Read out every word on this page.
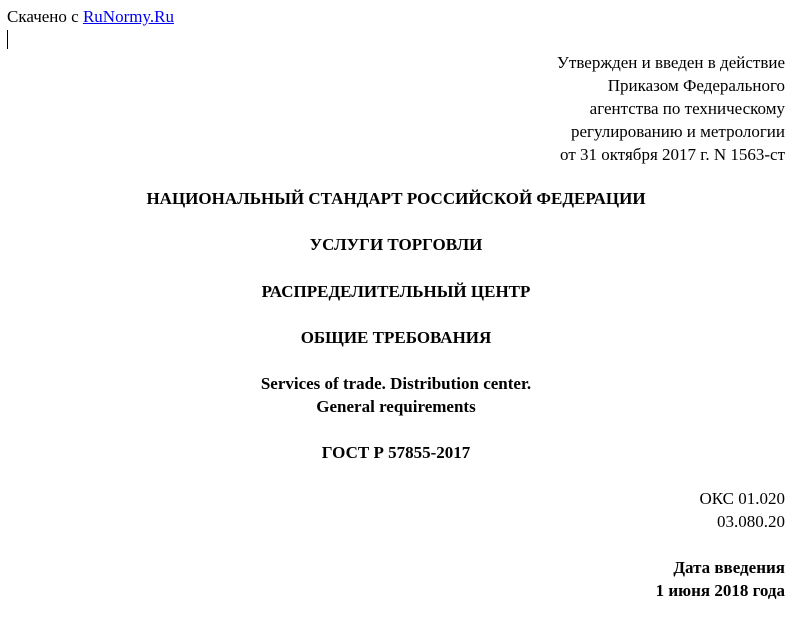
Скачено с RuNormy.Ru
Утвержден и введен в действие
Приказом Федерального
агентства по техническому
регулированию и метрологии
от 31 октября 2017 г. N 1563-ст
НАЦИОНАЛЬНЫЙ СТАНДАРТ РОССИЙСКОЙ ФЕДЕРАЦИИ
УСЛУГИ ТОРГОВЛИ
РАСПРЕДЕЛИТЕЛЬНЫЙ ЦЕНТР
ОБЩИЕ ТРЕБОВАНИЯ
Services of trade. Distribution center.
General requirements
ГОСТ Р 57855-2017
ОКС 01.020
03.080.20
Дата введения
1 июня 2018 года
